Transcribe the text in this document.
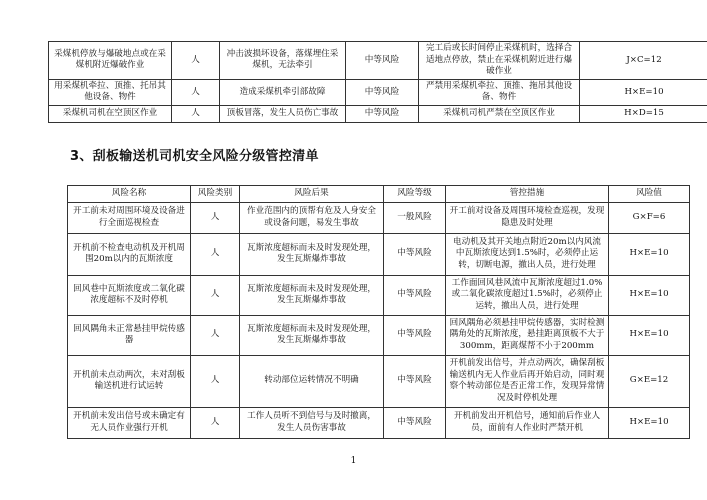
采煤机停放与爆破地点或在采煤机附近爆破作业	人	冲击波损坏设备，落煤埋住采煤机，无法牵引	中等风险	完工后或长时间停止采煤机时，选择合适地点停放，禁止在采煤机附近进行爆破作业	J×C=12
用采煤机牵拉、顶推、托吊其他设备、物件	人	造成采煤机牵引部故障	中等风险	严禁用采煤机牵拉、顶推、拖吊其他设备、物件	H×E=10
采煤机司机在空顶区作业	人	顶板冒落，发生人员伤亡事故	中等风险	采煤机司机严禁在空顶区作业	H×D=15
3、刮板输送机司机安全风险分级管控清单
风险名称	风险类别	风险后果	风险等级	管控措施	风险值
开工前未对周围环境及设备进行全面巡视检查	人	作业范围内的顶帮有危及人身安全或设备问题，易发生事故	一般风险	开工前对设备及周围环境检查巡视，发现隐患及时处理	G×F=6
开机前不检查电动机及开机周围20m以内的瓦斯浓度	人	瓦斯浓度超标而未及时发现处理，发生瓦斯爆炸事故	中等风险	电动机及其开关地点附近20m以内风流中瓦斯浓度达到1.5%时，必须停止运转，切断电源，撤出人员，进行处理	H×E=10
回风巷中瓦斯浓度或二氧化碳浓度超标不及时停机	人	瓦斯浓度超标而未及时发现处理，发生瓦斯爆炸事故	中等风险	工作面回风巷风流中瓦斯浓度超过1.0%或二氧化碳浓度超过1.5%时，必须停止运转，撤出人员，进行处理	H×E=10
回风隅角未正常悬挂甲烷传感器	人	瓦斯浓度超标而未及时发现处理，发生瓦斯爆炸事故	中等风险	回风隅角必须悬挂甲烷传感器，实时检测隅角处的瓦斯浓度，悬挂距离顶板不大于300mm，距离煤帮不小于200mm	H×E=10
开机前未点动两次，未对刮板输送机进行试运转	人	转动部位运转情况不明确	中等风险	开机前发出信号，并点动两次，确保刮板输送机内无人作业后再开始启动，同时观察个转动部位是否正常工作，发现异常情况及时停机处理	G×E=12
开机前未发出信号或未确定有无人员作业强行开机	人	工作人员听不到信号与及时撤离，发生人员伤害事故	中等风险	开机前发出开机信号，通知前后作业人员，面前有人作业时严禁开机	H×E=10
1
